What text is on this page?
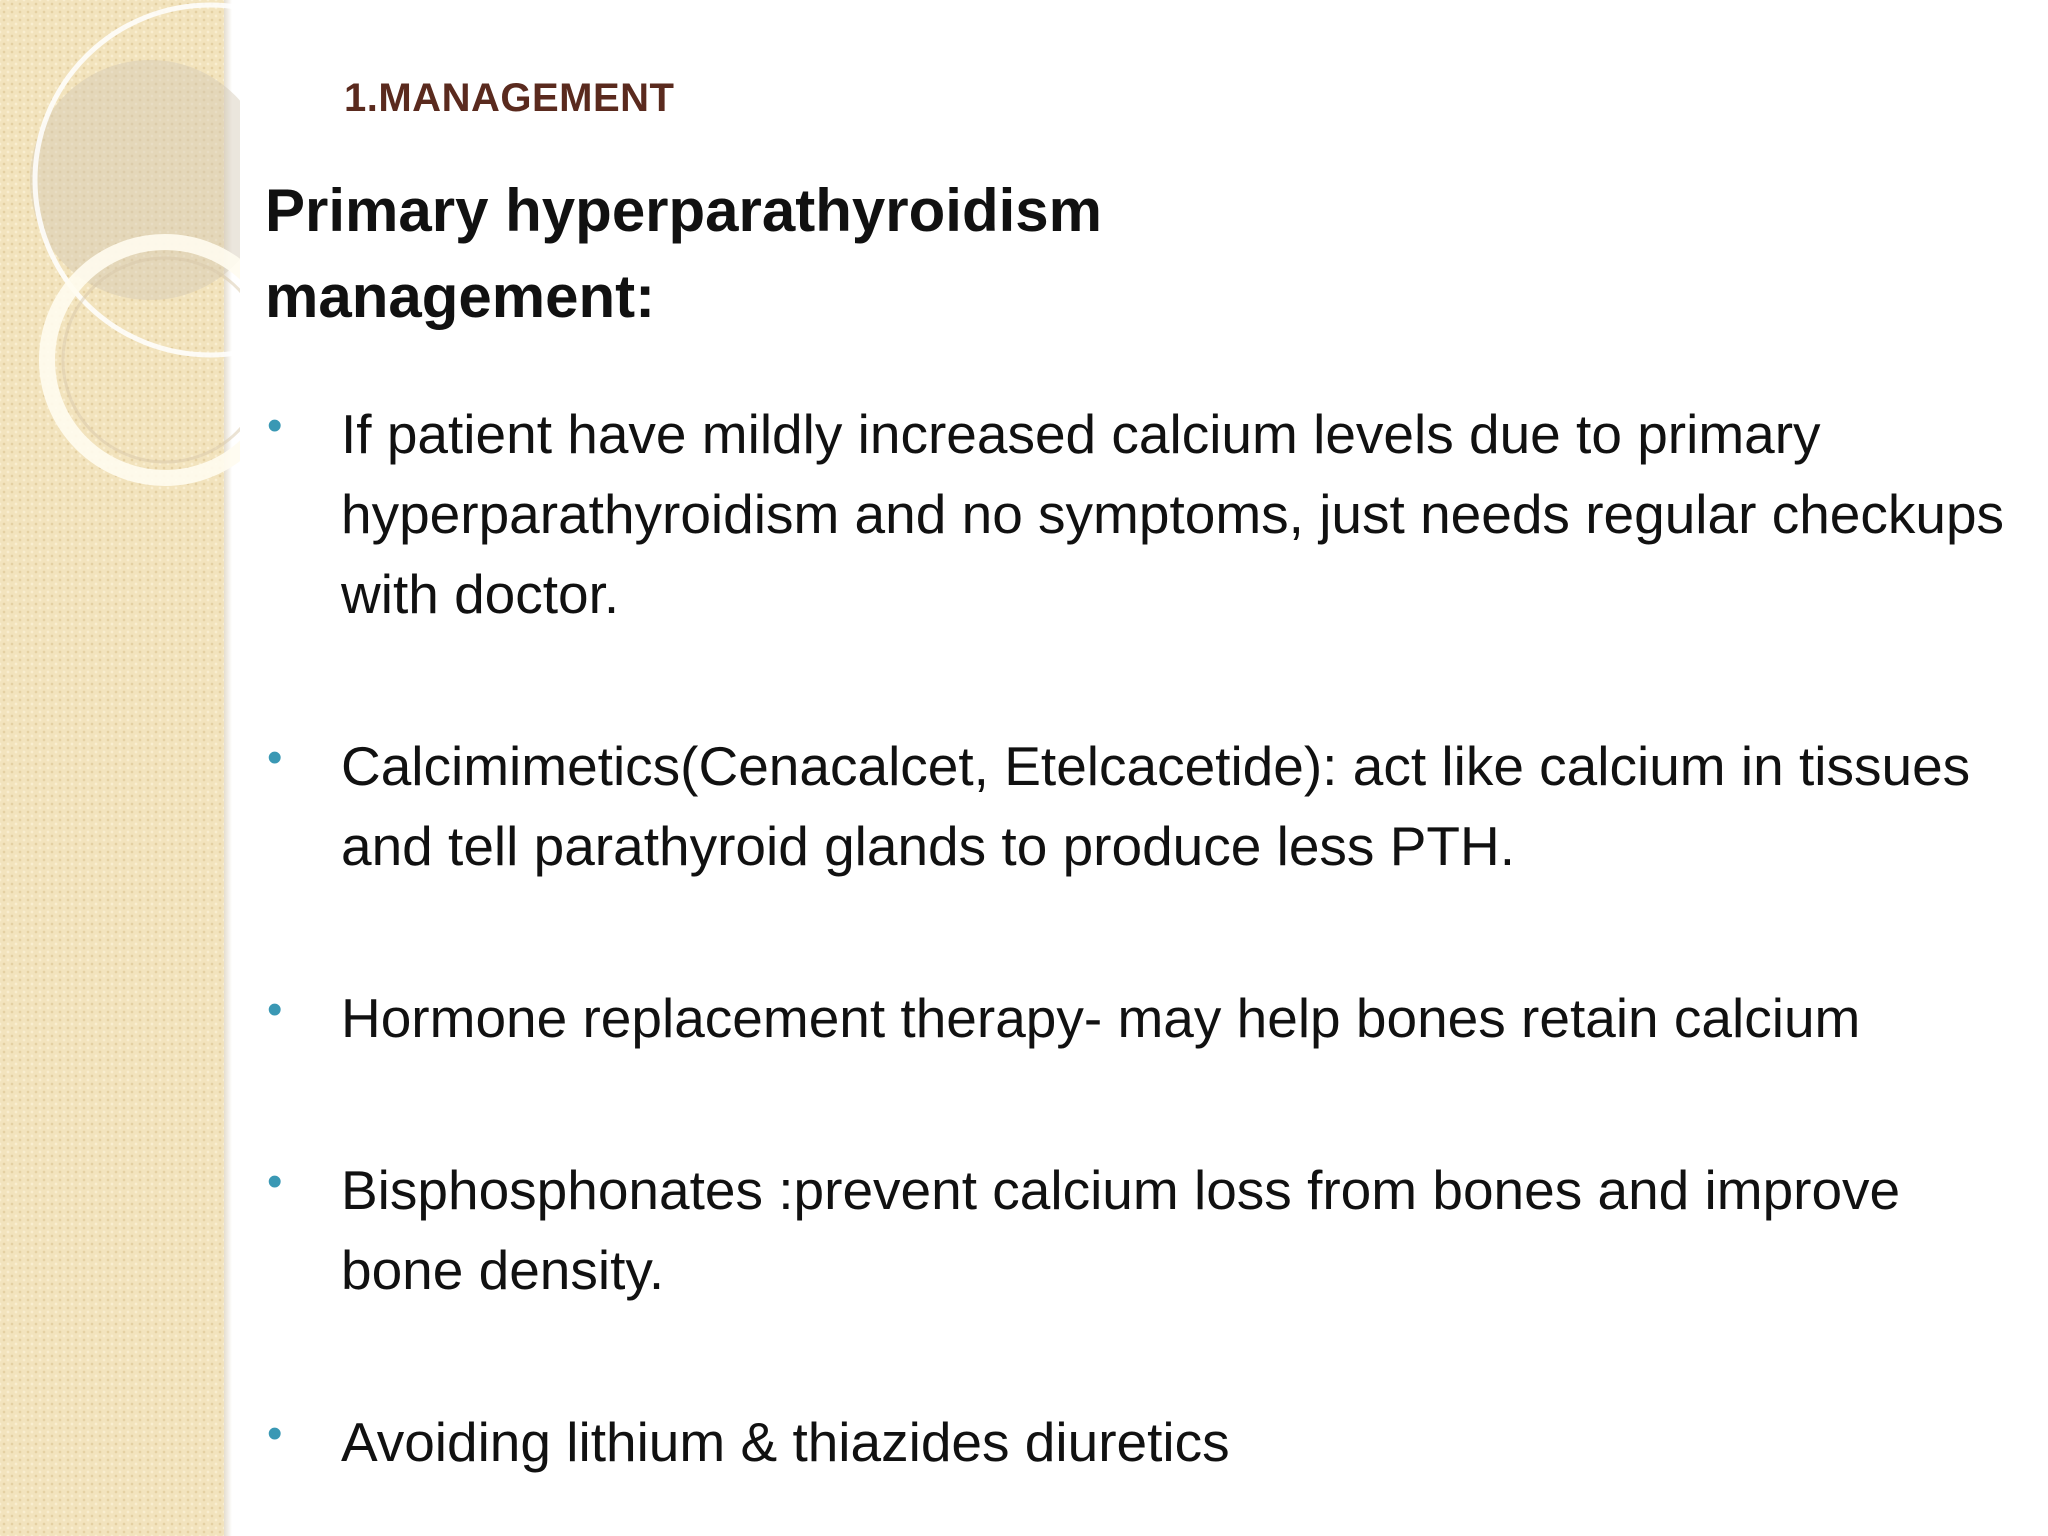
1.MANAGEMENT
Primary hyperparathyroidism
management:
• If patient have mildly increased calcium levels due to primary hyperparathyroidism and no symptoms, just needs regular checkups with doctor.
• Calcimimetics(Cenacalcet, Etelcacetide): act like calcium in tissues and tell parathyroid glands to produce less PTH.
• Hormone replacement therapy- may help bones retain calcium
• Bisphosphonates :prevent calcium loss from bones and improve bone density.
• Avoiding lithium & thiazides diuretics
